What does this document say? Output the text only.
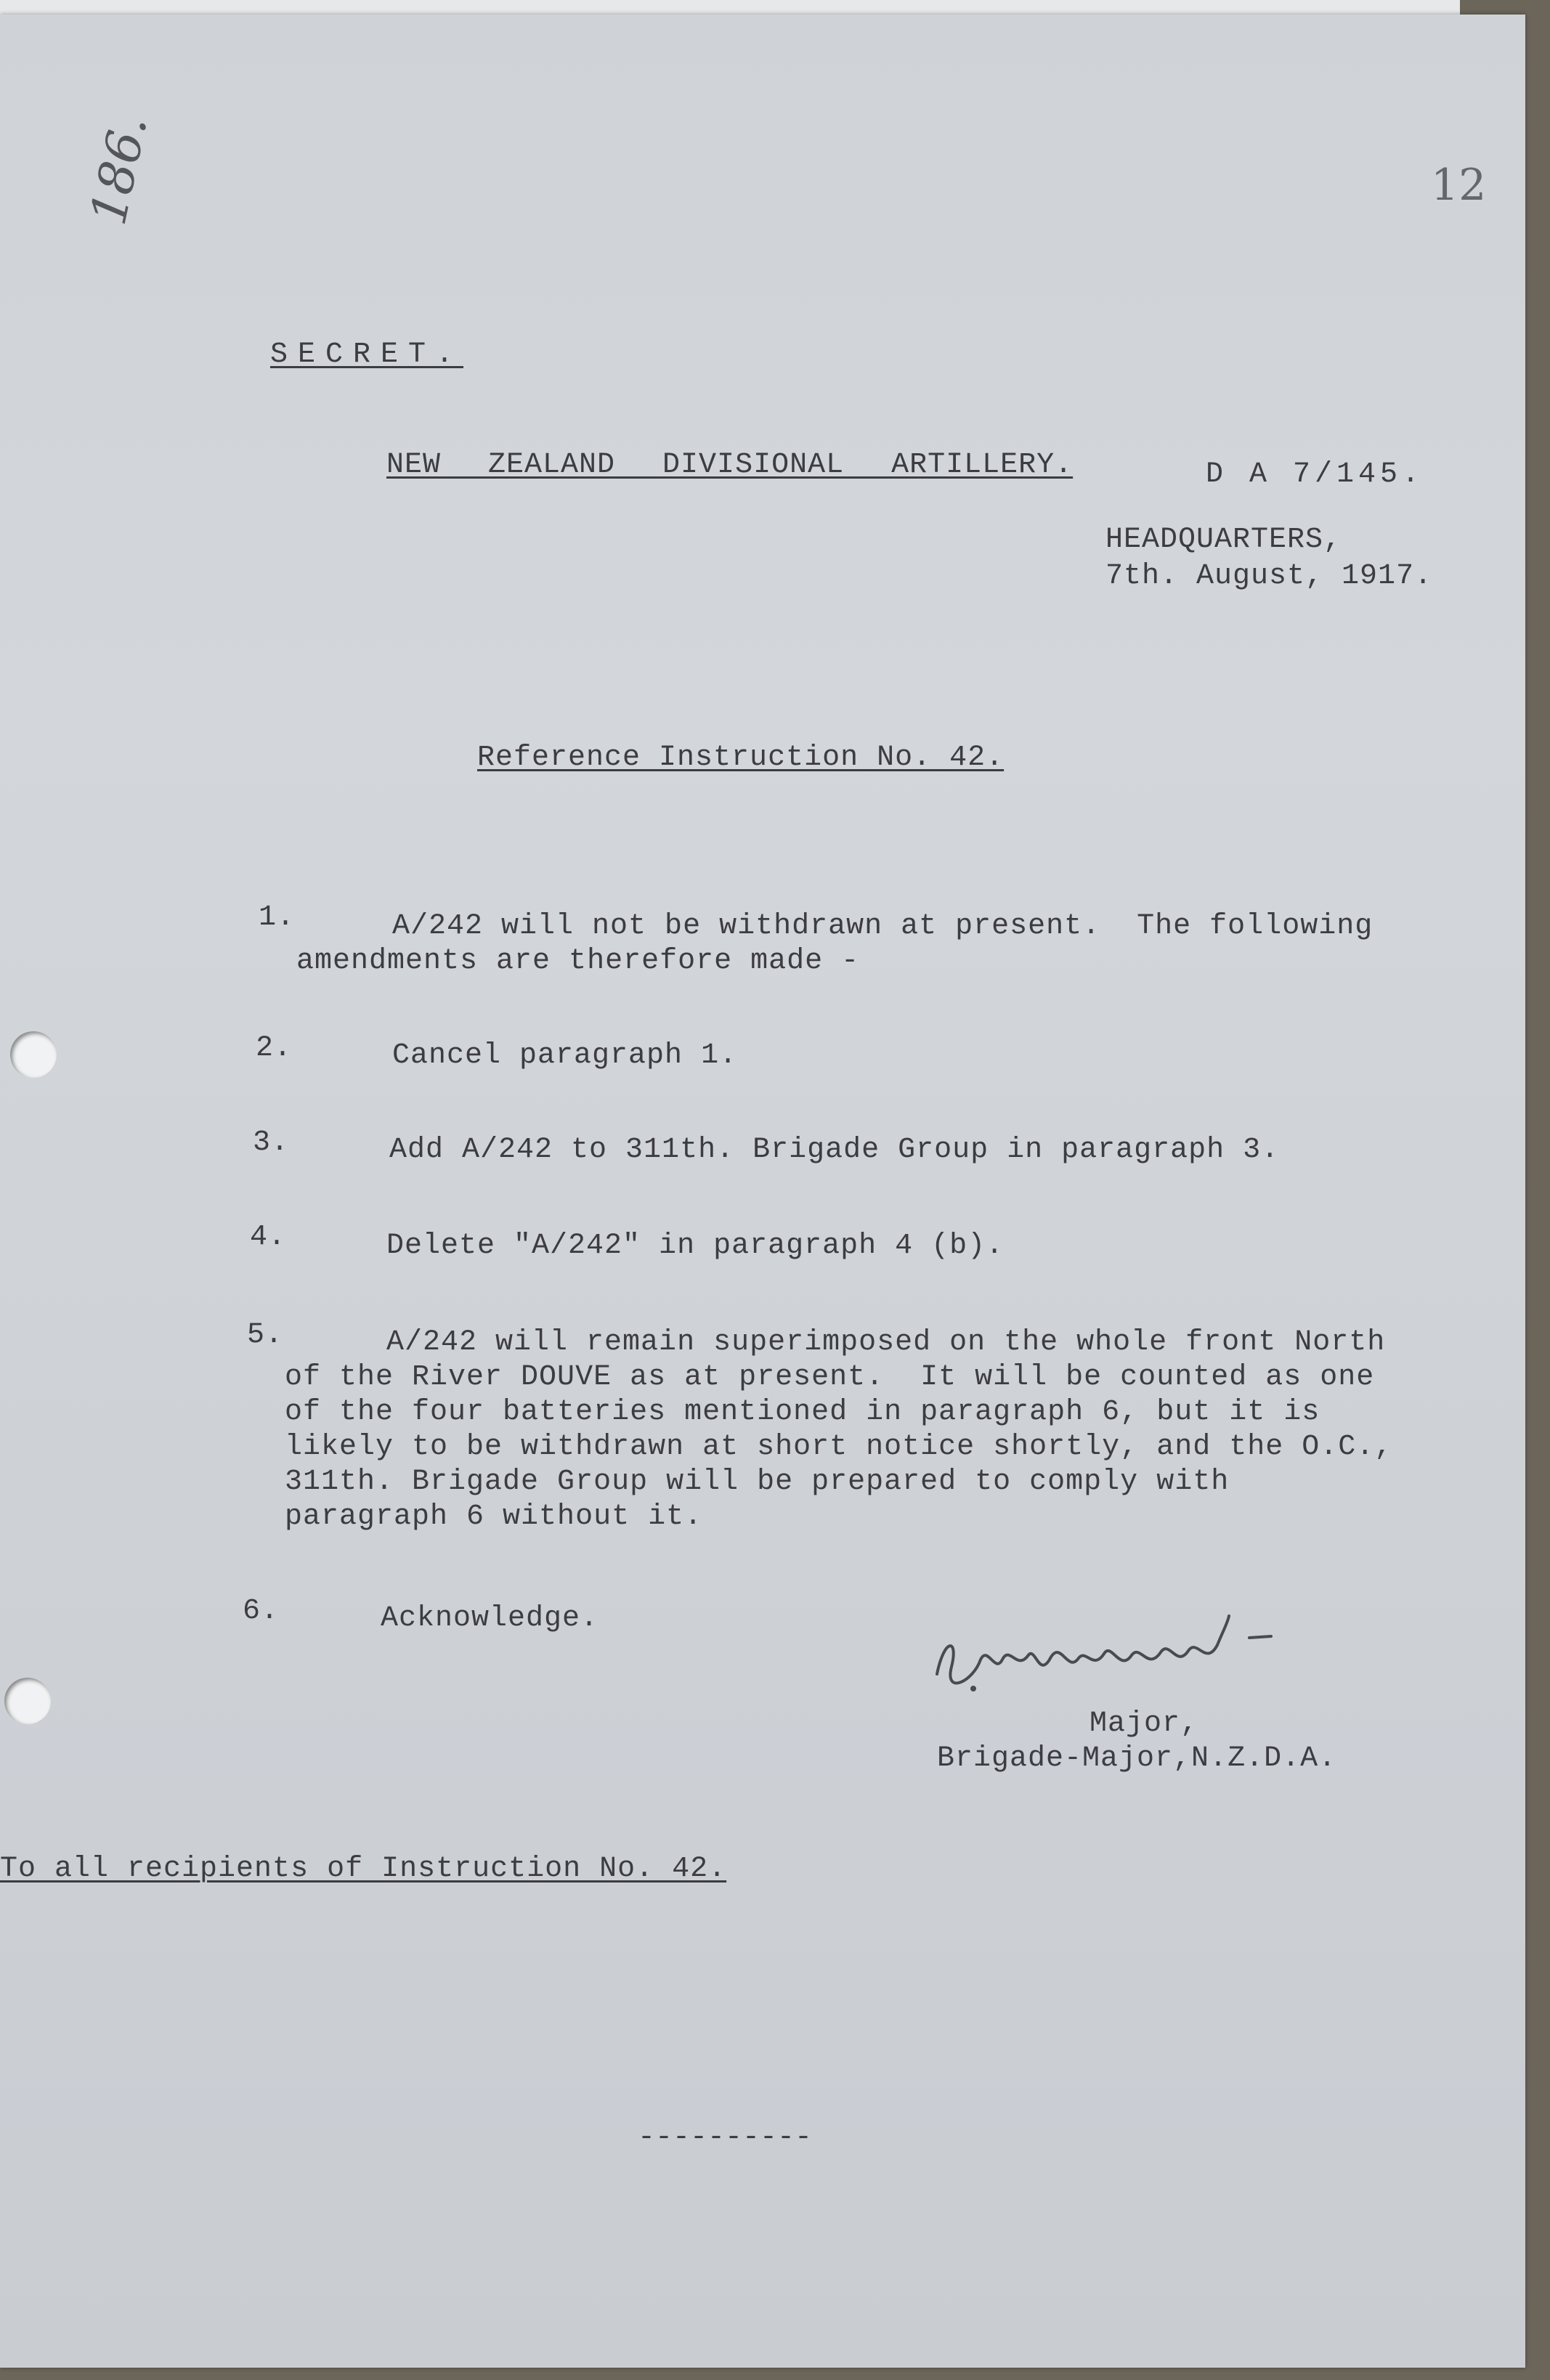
12
186.
SECRET.
NEW ZEALAND DIVISIONAL ARTILLERY.	D A 7/145.
HEADQUARTERS,
7th. August, 1917.
Reference Instruction No. 42.
1.	A/242 will not be withdrawn at present.  The following
amendments are therefore made -
2.	Cancel paragraph 1.
3.	Add A/242 to 311th. Brigade Group in paragraph 3.
4.	Delete "A/242" in paragraph 4 (b).
5.	A/242 will remain superimposed on the whole front North
of the River DOUVE as at present.  It will be counted as one
of the four batteries mentioned in paragraph 6, but it is
likely to be withdrawn at short notice shortly, and the O.C.,
311th. Brigade Group will be prepared to comply with
paragraph 6 without it.
6.	Acknowledge.
Major,
Brigade-Major,N.Z.D.A.
To all recipients of Instruction No. 42.
----------
